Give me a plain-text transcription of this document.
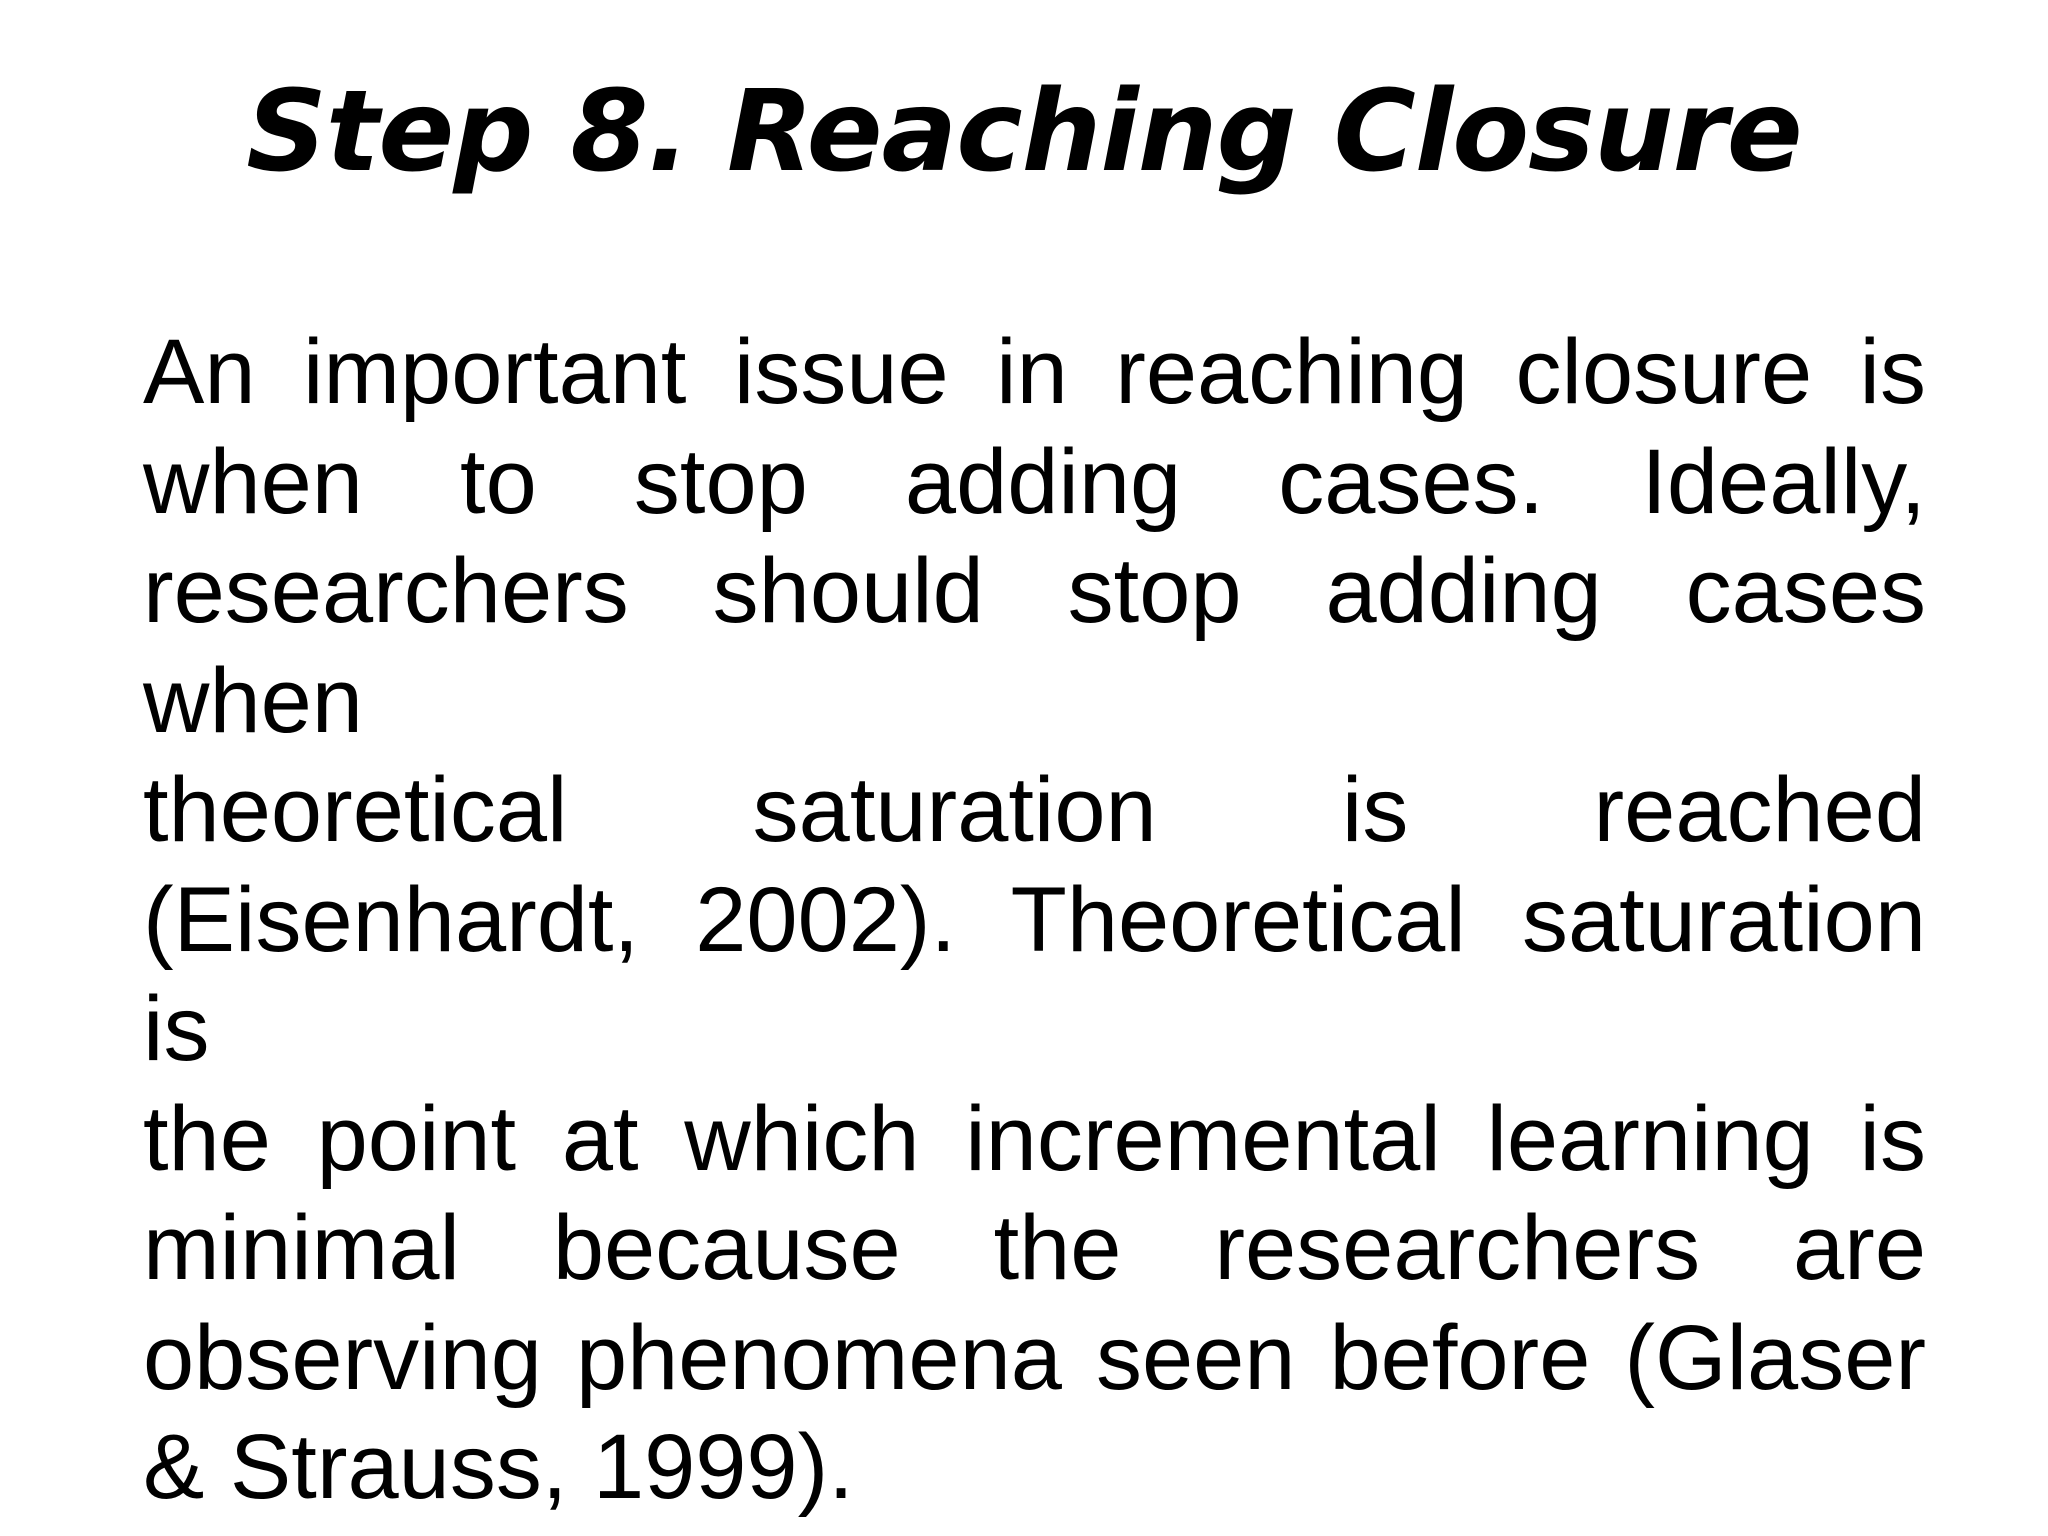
Step 8. Reaching Closure
An important issue in reaching closure is
when to stop adding cases. Ideally,
researchers should stop adding cases when
theoretical saturation is reached
(Eisenhardt, 2002). Theoretical saturation is
the point at which incremental learning is
minimal because the researchers are
observing phenomena seen before (Glaser
& Strauss, 1999).
